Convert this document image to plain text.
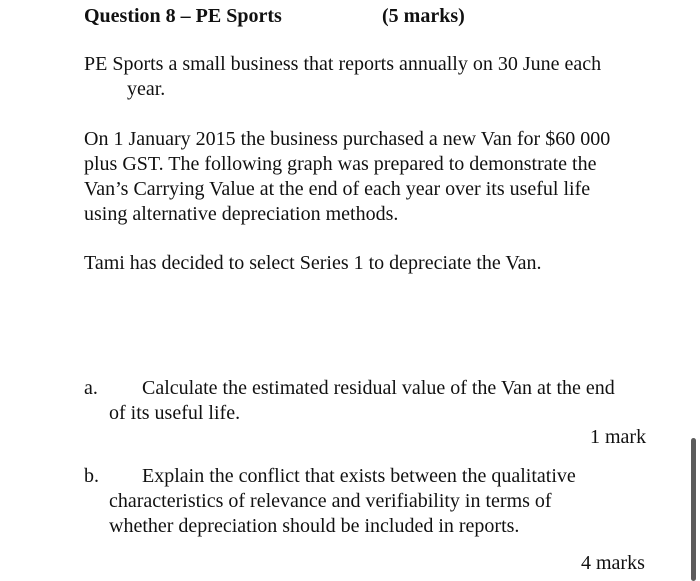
Question 8 – PE Sports	(5 marks)
PE Sports a small business that reports annually on 30 June each
year.
On 1 January 2015 the business purchased a new Van for $60 000
plus GST. The following graph was prepared to demonstrate the
Van’s Carrying Value at the end of each year over its useful life
using alternative depreciation methods.
Tami has decided to select Series 1 to depreciate the Van.
a. Calculate the estimated residual value of the Van at the end
of its useful life.
1 mark
b. Explain the conflict that exists between the qualitative
characteristics of relevance and verifiability in terms of
whether depreciation should be included in reports.
4 marks
